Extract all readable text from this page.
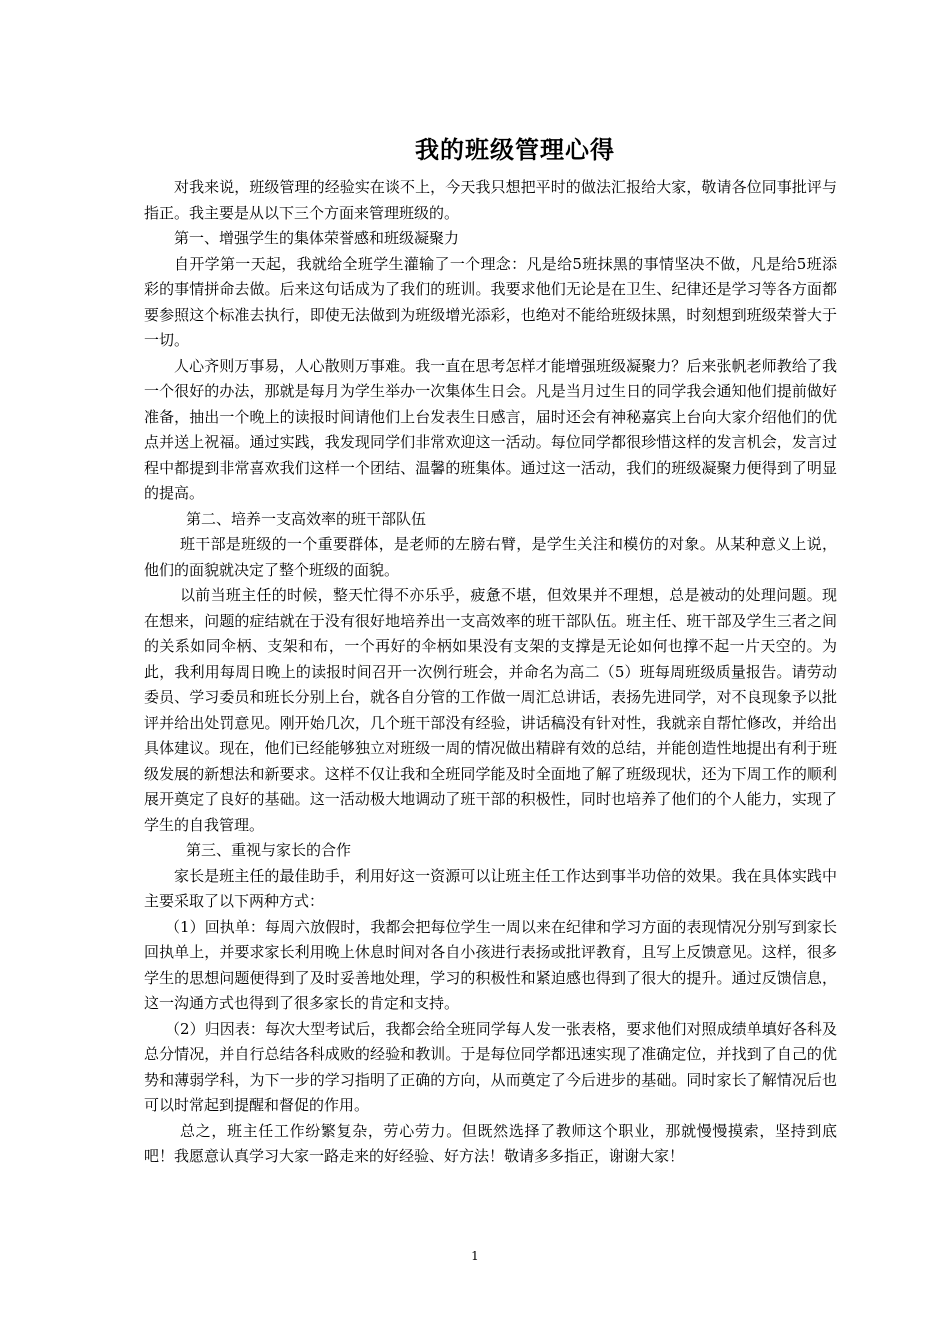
我的班级管理心得

对我来说，班级管理的经验实在谈不上，今天我只想把平时的做法汇报给大家，敬请各位同事批评与指正。我主要是从以下三个方面来管理班级的。

第一、增强学生的集体荣誉感和班级凝聚力

自开学第一天起，我就给全班学生灌输了一个理念：凡是给5班抹黑的事情坚决不做，凡是给5班添彩的事情拼命去做。后来这句话成为了我们的班训。我要求他们无论是在卫生、纪律还是学习等各方面都要参照这个标准去执行，即使无法做到为班级增光添彩，也绝对不能给班级抹黑，时刻想到班级荣誉大于一切。

人心齐则万事易，人心散则万事难。我一直在思考怎样才能增强班级凝聚力？后来张帆老师教给了我一个很好的办法，那就是每月为学生举办一次集体生日会。凡是当月过生日的同学我会通知他们提前做好准备，抽出一个晚上的读报时间请他们上台发表生日感言，届时还会有神秘嘉宾上台向大家介绍他们的优点并送上祝福。通过实践，我发现同学们非常欢迎这一活动。每位同学都很珍惜这样的发言机会，发言过程中都提到非常喜欢我们这样一个团结、温馨的班集体。通过这一活动，我们的班级凝聚力便得到了明显的提高。

第二、培养一支高效率的班干部队伍

班干部是班级的一个重要群体，是老师的左膀右臂，是学生关注和模仿的对象。从某种意义上说，他们的面貌就决定了整个班级的面貌。

以前当班主任的时候，整天忙得不亦乐乎，疲惫不堪，但效果并不理想，总是被动的处理问题。现在想来，问题的症结就在于没有很好地培养出一支高效率的班干部队伍。班主任、班干部及学生三者之间的关系如同伞柄、支架和布，一个再好的伞柄如果没有支架的支撑是无论如何也撑不起一片天空的。为此，我利用每周日晚上的读报时间召开一次例行班会，并命名为高二（5）班每周班级质量报告。请劳动委员、学习委员和班长分别上台，就各自分管的工作做一周汇总讲话，表扬先进同学，对不良现象予以批评并给出处罚意见。刚开始几次，几个班干部没有经验，讲话稿没有针对性，我就亲自帮忙修改，并给出具体建议。现在，他们已经能够独立对班级一周的情况做出精辟有效的总结，并能创造性地提出有利于班级发展的新想法和新要求。这样不仅让我和全班同学能及时全面地了解了班级现状，还为下周工作的顺利展开奠定了良好的基础。这一活动极大地调动了班干部的积极性，同时也培养了他们的个人能力，实现了学生的自我管理。

第三、重视与家长的合作

家长是班主任的最佳助手，利用好这一资源可以让班主任工作达到事半功倍的效果。我在具体实践中主要采取了以下两种方式：

（1）回执单：每周六放假时，我都会把每位学生一周以来在纪律和学习方面的表现情况分别写到家长回执单上，并要求家长利用晚上休息时间对各自小孩进行表扬或批评教育，且写上反馈意见。这样，很多学生的思想问题便得到了及时妥善地处理，学习的积极性和紧迫感也得到了很大的提升。通过反馈信息，这一沟通方式也得到了很多家长的肯定和支持。

（2）归因表：每次大型考试后，我都会给全班同学每人发一张表格，要求他们对照成绩单填好各科及总分情况，并自行总结各科成败的经验和教训。于是每位同学都迅速实现了准确定位，并找到了自己的优势和薄弱学科，为下一步的学习指明了正确的方向，从而奠定了今后进步的基础。同时家长了解情况后也可以时常起到提醒和督促的作用。

总之，班主任工作纷繁复杂，劳心劳力。但既然选择了教师这个职业，那就慢慢摸索，坚持到底吧！我愿意认真学习大家一路走来的好经验、好方法！敬请多多指正，谢谢大家！

1
